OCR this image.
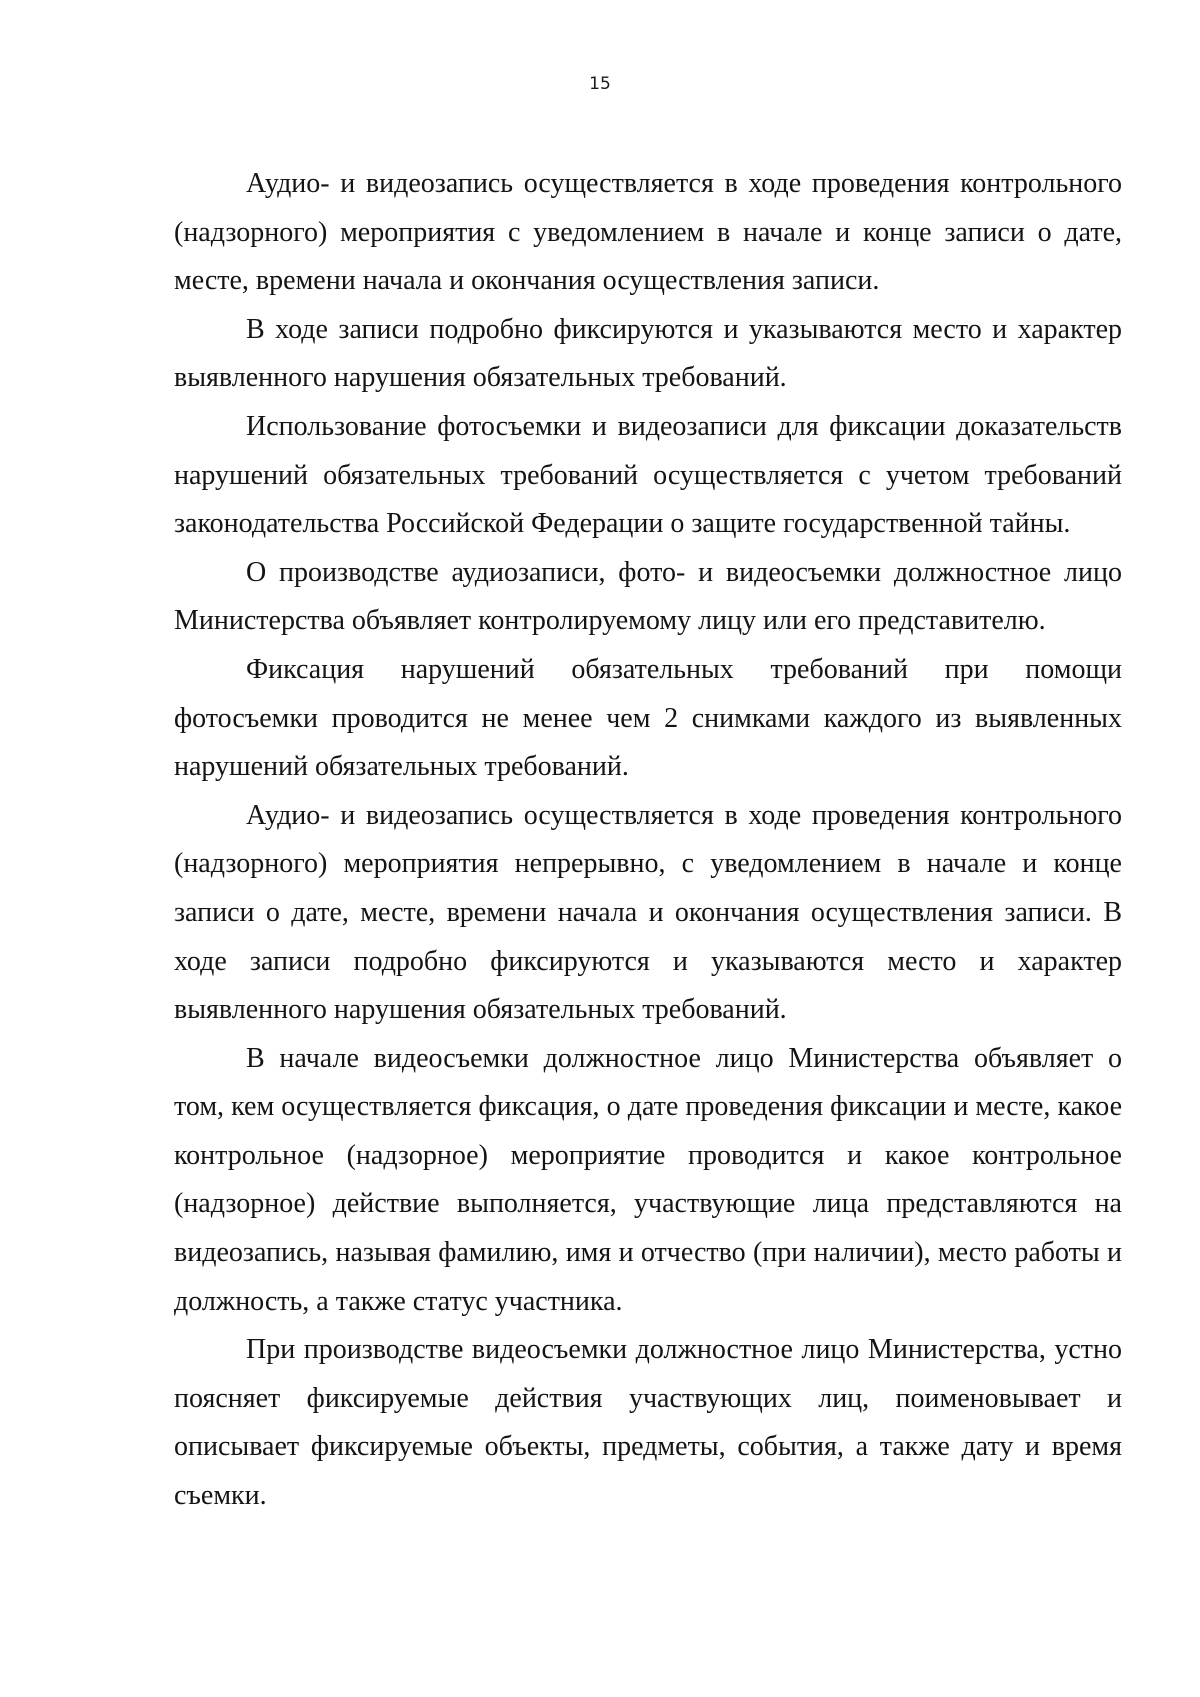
15

Аудио- и видеозапись осуществляется в ходе проведения контрольного (надзорного) мероприятия с уведомлением в начале и конце записи о дате, месте, времени начала и окончания осуществления записи.

В ходе записи подробно фиксируются и указываются место и характер выявленного нарушения обязательных требований.

Использование фотосъемки и видеозаписи для фиксации доказательств нарушений обязательных требований осуществляется с учетом требований законодательства Российской Федерации о защите государственной тайны.

О производстве аудиозаписи, фото- и видеосъемки должностное лицо Министерства объявляет контролируемому лицу или его представителю.

Фиксация нарушений обязательных требований при помощи фотосъемки проводится не менее чем 2 снимками каждого из выявленных нарушений обязательных требований.

Аудио- и видеозапись осуществляется в ходе проведения контрольного (надзорного) мероприятия непрерывно, с уведомлением в начале и конце записи о дате, месте, времени начала и окончания осуществления записи. В ходе записи подробно фиксируются и указываются место и характер выявленного нарушения обязательных требований.

В начале видеосъемки должностное лицо Министерства объявляет о том, кем осуществляется фиксация, о дате проведения фиксации и месте, какое контрольное (надзорное) мероприятие проводится и какое контрольное (надзорное) действие выполняется, участвующие лица представляются на видеозапись, называя фамилию, имя и отчество (при наличии), место работы и должность, а также статус участника.

При производстве видеосъемки должностное лицо Министерства, устно поясняет фиксируемые действия участвующих лиц, поименовывает и описывает фиксируемые объекты, предметы, события, а также дату и время съемки.
